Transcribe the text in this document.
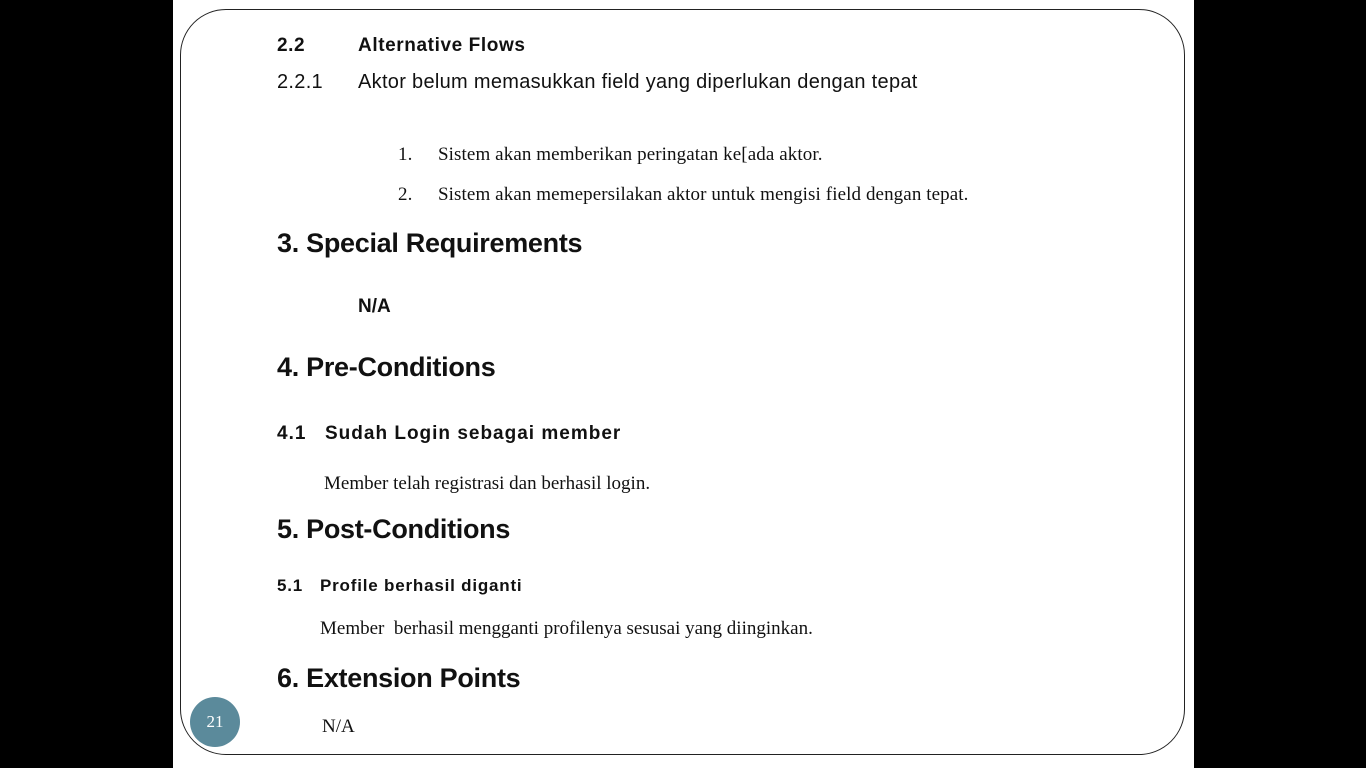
2.2	Alternative Flows
2.2.1 Aktor belum memasukkan field yang diperlukan dengan tepat
1. Sistem akan memberikan peringatan ke[ada aktor.
2. Sistem akan memepersilakan aktor untuk mengisi field dengan tepat.
3. Special Requirements
N/A
4. Pre-Conditions
4.1 Sudah Login sebagai member
Member telah registrasi dan berhasil login.
5. Post-Conditions
5.1 Profile berhasil diganti
Member  berhasil mengganti profilenya sesusai yang diinginkan.
6. Extension Points
N/A
21
